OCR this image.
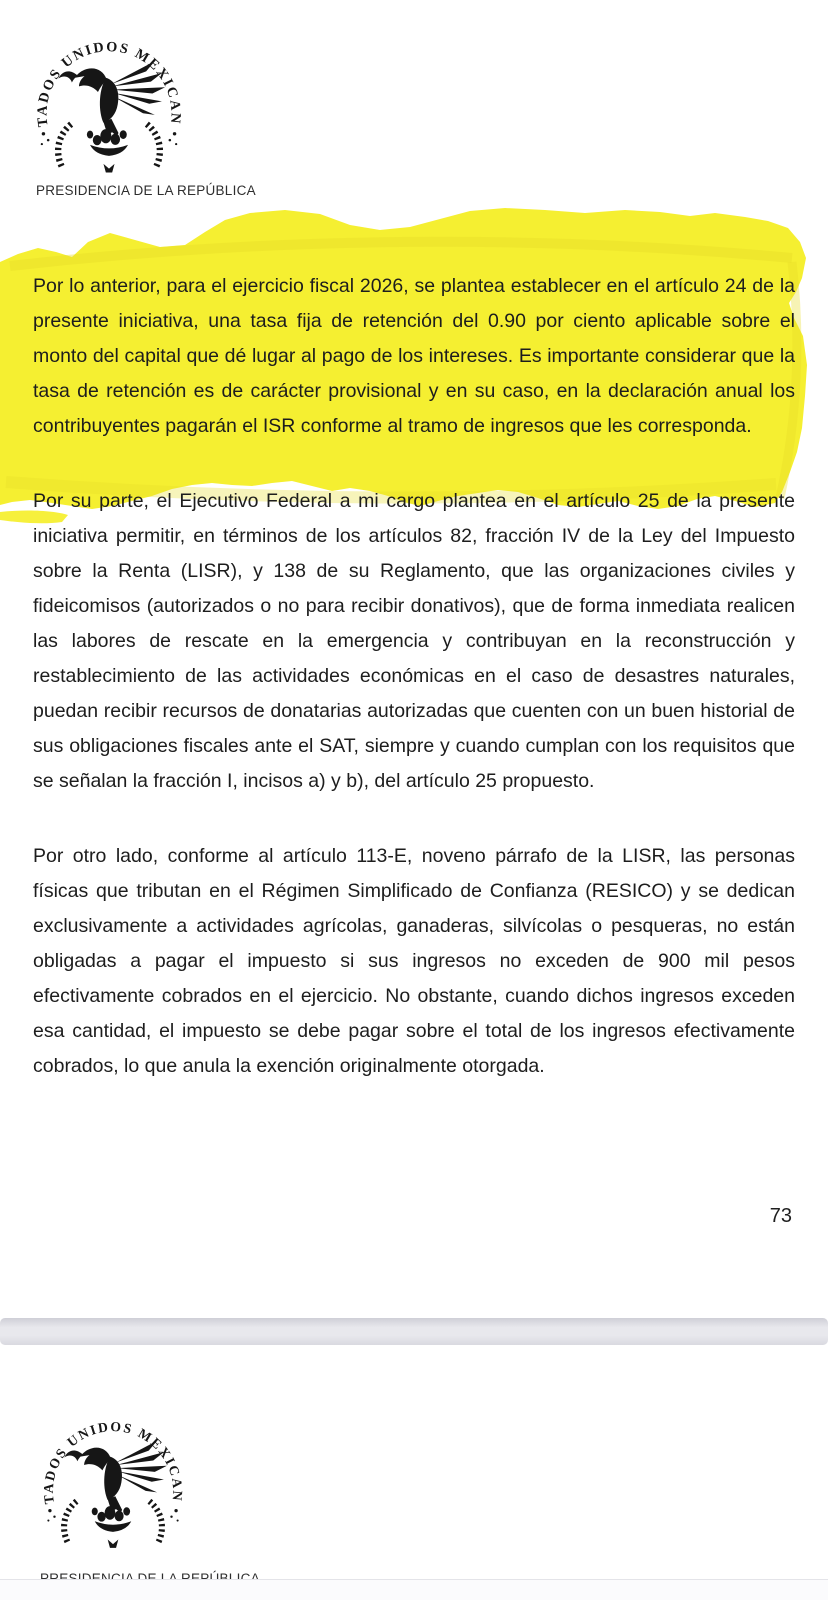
PRESIDENCIA DE LA REPÚBLICA

Por lo anterior, para el ejercicio fiscal 2026, se plantea establecer en el artículo 24 de la presente iniciativa, una tasa fija de retención del 0.90 por ciento aplicable sobre el monto del capital que dé lugar al pago de los intereses. Es importante considerar que la tasa de retención es de carácter provisional y en su caso, en la declaración anual los contribuyentes pagarán el ISR conforme al tramo de ingresos que les corresponda.

Por su parte, el Ejecutivo Federal a mi cargo plantea en el artículo 25 de la presente iniciativa permitir, en términos de los artículos 82, fracción IV de la Ley del Impuesto sobre la Renta (LISR), y 138 de su Reglamento, que las organizaciones civiles y fideicomisos (autorizados o no para recibir donativos), que de forma inmediata realicen las labores de rescate en la emergencia y contribuyan en la reconstrucción y restablecimiento de las actividades económicas en el caso de desastres naturales, puedan recibir recursos de donatarias autorizadas que cuenten con un buen historial de sus obligaciones fiscales ante el SAT, siempre y cuando cumplan con los requisitos que se señalan la fracción I, incisos a) y b), del artículo 25 propuesto.

Por otro lado, conforme al artículo 113-E, noveno párrafo de la LISR, las personas físicas que tributan en el Régimen Simplificado de Confianza (RESICO) y se dedican exclusivamente a actividades agrícolas, ganaderas, silvícolas o pesqueras, no están obligadas a pagar el impuesto si sus ingresos no exceden de 900 mil pesos efectivamente cobrados en el ejercicio. No obstante, cuando dichos ingresos exceden esa cantidad, el impuesto se debe pagar sobre el total de los ingresos efectivamente cobrados, lo que anula la exención originalmente otorgada.

73
